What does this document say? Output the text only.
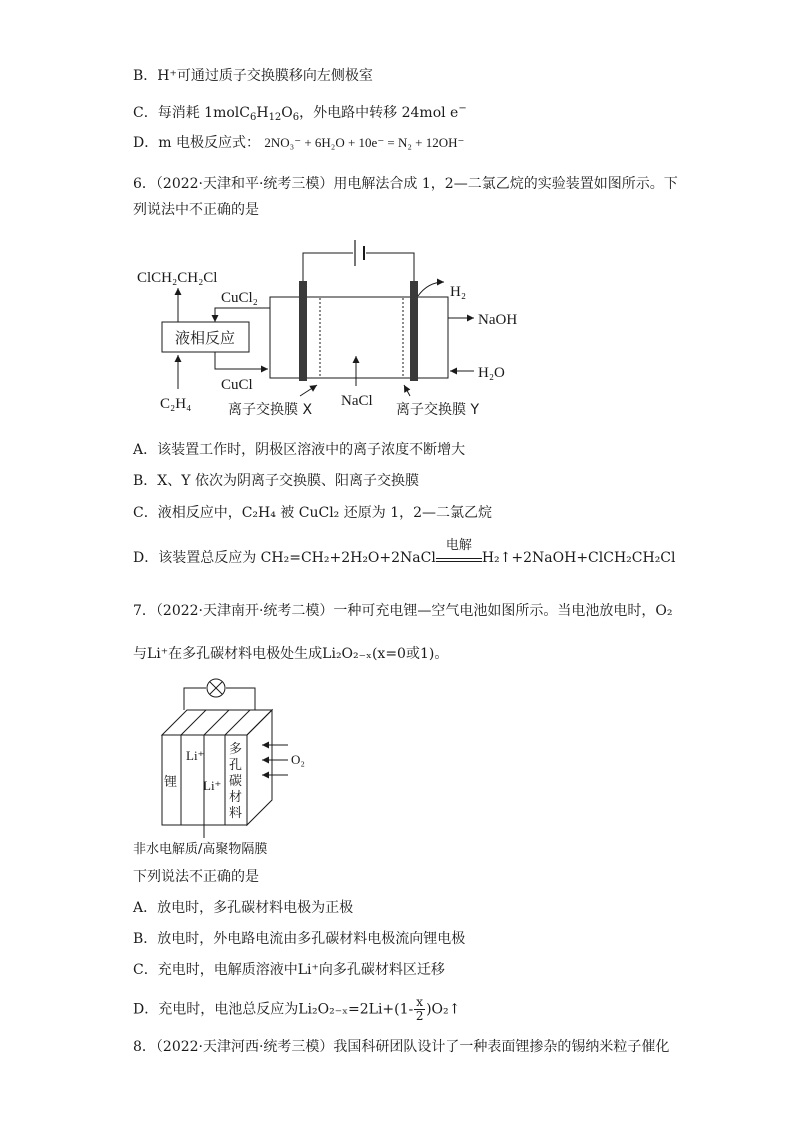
B．H⁺可通过质子交换膜移向左侧极室
C．每消耗 $1molC_6H_{12}O_6$，外电路中转移 24mol e−
D．m 电极反应式： 2NO₃⁻ + 6H₂O + 10e⁻ = N₂ + 12OH⁻
6．（2022·天津和平·统考三模）用电解法合成 1，2—二氯乙烷的实验装置如图所示。下
列说法中不正确的是
液相反应
ClCH₂CH₂Cl
CuCl₂
CuCl
C₂H₄
H₂
NaOH
H₂O
NaCl
离子交换膜 X	离子交换膜 Y
锂
Li⁺
Li⁺
多
孔
碳
材
料
O₂
非水电解质/高聚物隔膜
A．该装置工作时，阴极区溶液中的离子浓度不断增大
B．X、Y 依次为阴离子交换膜、阳离子交换膜
C．液相反应中，C₂H₄ 被 CuCl₂ 还原为 1，2—二氯乙烷
D．该装置总反应为 CH₂=CH₂+2H₂O+2NaCl
电解
H₂↑+2NaOH+ClCH₂CH₂Cl
7．（2022·天津南开·统考二模）一种可充电锂—空气电池如图所示。当电池放电时，O₂
与Li⁺在多孔碳材料电极处生成Li₂O₂₋ₓ(x=0或1)。
下列说法不正确的是
A．放电时，多孔碳材料电极为正极
B．放电时，外电路电流由多孔碳材料电极流向锂电极
C．充电时，电解质溶液中Li⁺向多孔碳材料区迁移
D．充电时，电池总反应为$Li_2O_{2-x}=2Li+(1- \frac{x}{2}$ )O₂↑
8．（2022·天津河西·统考三模）我国科研团队设计了一种表面锂掺杂的锡纳米粒子催化
